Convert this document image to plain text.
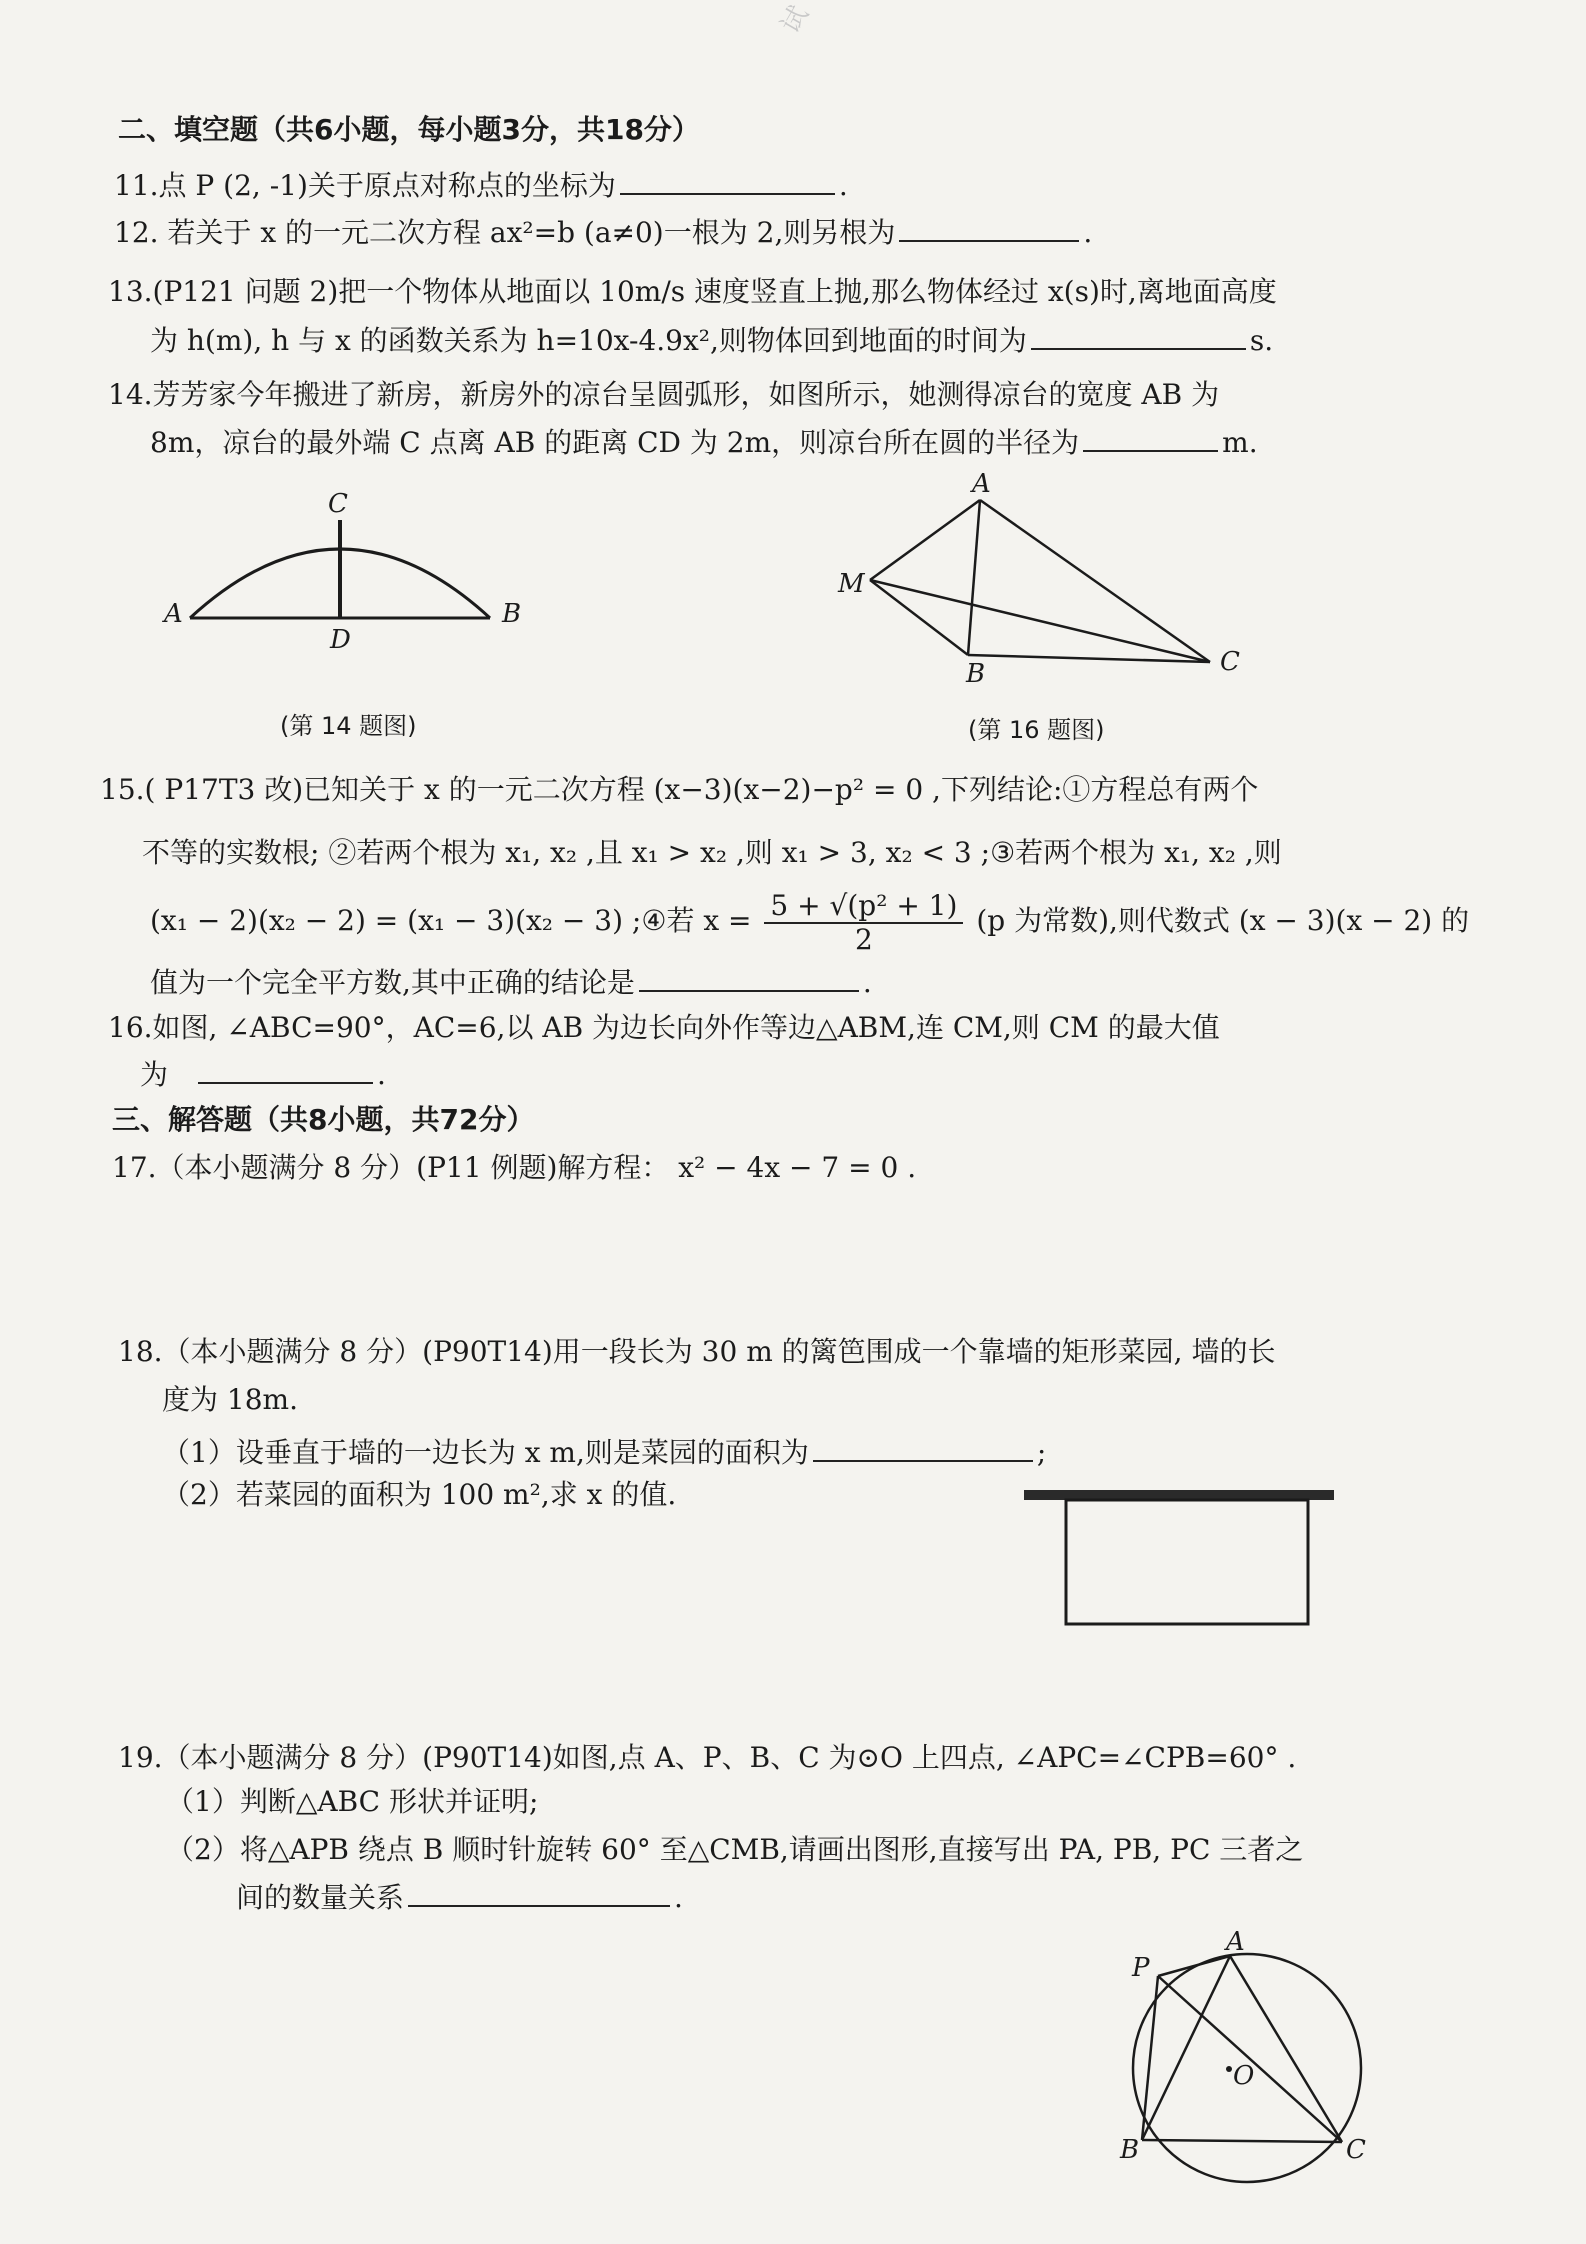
试
二、填空题（共6小题，每小题3分，共18分）
11.点 P (2, -1)关于原点对称点的坐标为	.
12. 若关于 x 的一元二次方程 ax²=b (a≠0)一根为 2,则另根为	.
13.(P121 问题 2)把一个物体从地面以 10m/s 速度竖直上抛,那么物体经过 x(s)时,离地面高度
为 h(m), h 与 x 的函数关系为 h=10x-4.9x²,则物体回到地面的时间为	s.
14.芳芳家今年搬进了新房，新房外的凉台呈圆弧形，如图所示，她测得凉台的宽度 AB 为
8m，凉台的最外端 C 点离 AB 的距离 CD 为 2m，则凉台所在圆的半径为	m.
A	B
C
D
(第 14 题图)
A
M
B	C
(第 16 题图)
15.( P17T3 改)已知关于 x 的一元二次方程 (x−3)(x−2)−p² = 0 ,下列结论:①方程总有两个
不等的实数根; ②若两个根为 x₁, x₂ ,且 x₁ > x₂ ,则 x₁ > 3, x₂ < 3 ;③若两个根为 x₁, x₂ ,则
(x₁ − 2)(x₂ − 2) = (x₁ − 3)(x₂ − 3) ;④若 $x = \frac{\text{5 + √(p² + 1)}}{2} (p$ 为常数),则代数式 (x − 3)(x − 2) 的
值为一个完全平方数,其中正确的结论是	.
16.如图, ∠ABC=90°，AC=6,以 AB 为边长向外作等边△ABM,连 CM,则 CM 的最大值
为	.
三、解答题（共8小题，共72分）
17.（本小题满分 8 分）(P11 例题)解方程： x² − 4x − 7 = 0 .
18.（本小题满分 8 分）(P90T14)用一段长为 30 m 的篱笆围成一个靠墙的矩形菜园, 墙的长
度为 18m.
（1）设垂直于墙的一边长为 x m,则是菜园的面积为	;
（2）若菜园的面积为 100 m²,求 x 的值.
19.（本小题满分 8 分）(P90T14)如图,点 A、P、B、C 为⊙O 上四点, ∠APC=∠CPB=60° .
（1）判断△ABC 形状并证明;
（2）将△APB 绕点 B 顺时针旋转 60° 至△CMB,请画出图形,直接写出 PA, PB, PC 三者之
间的数量关系	.
A
P
O
B	C
